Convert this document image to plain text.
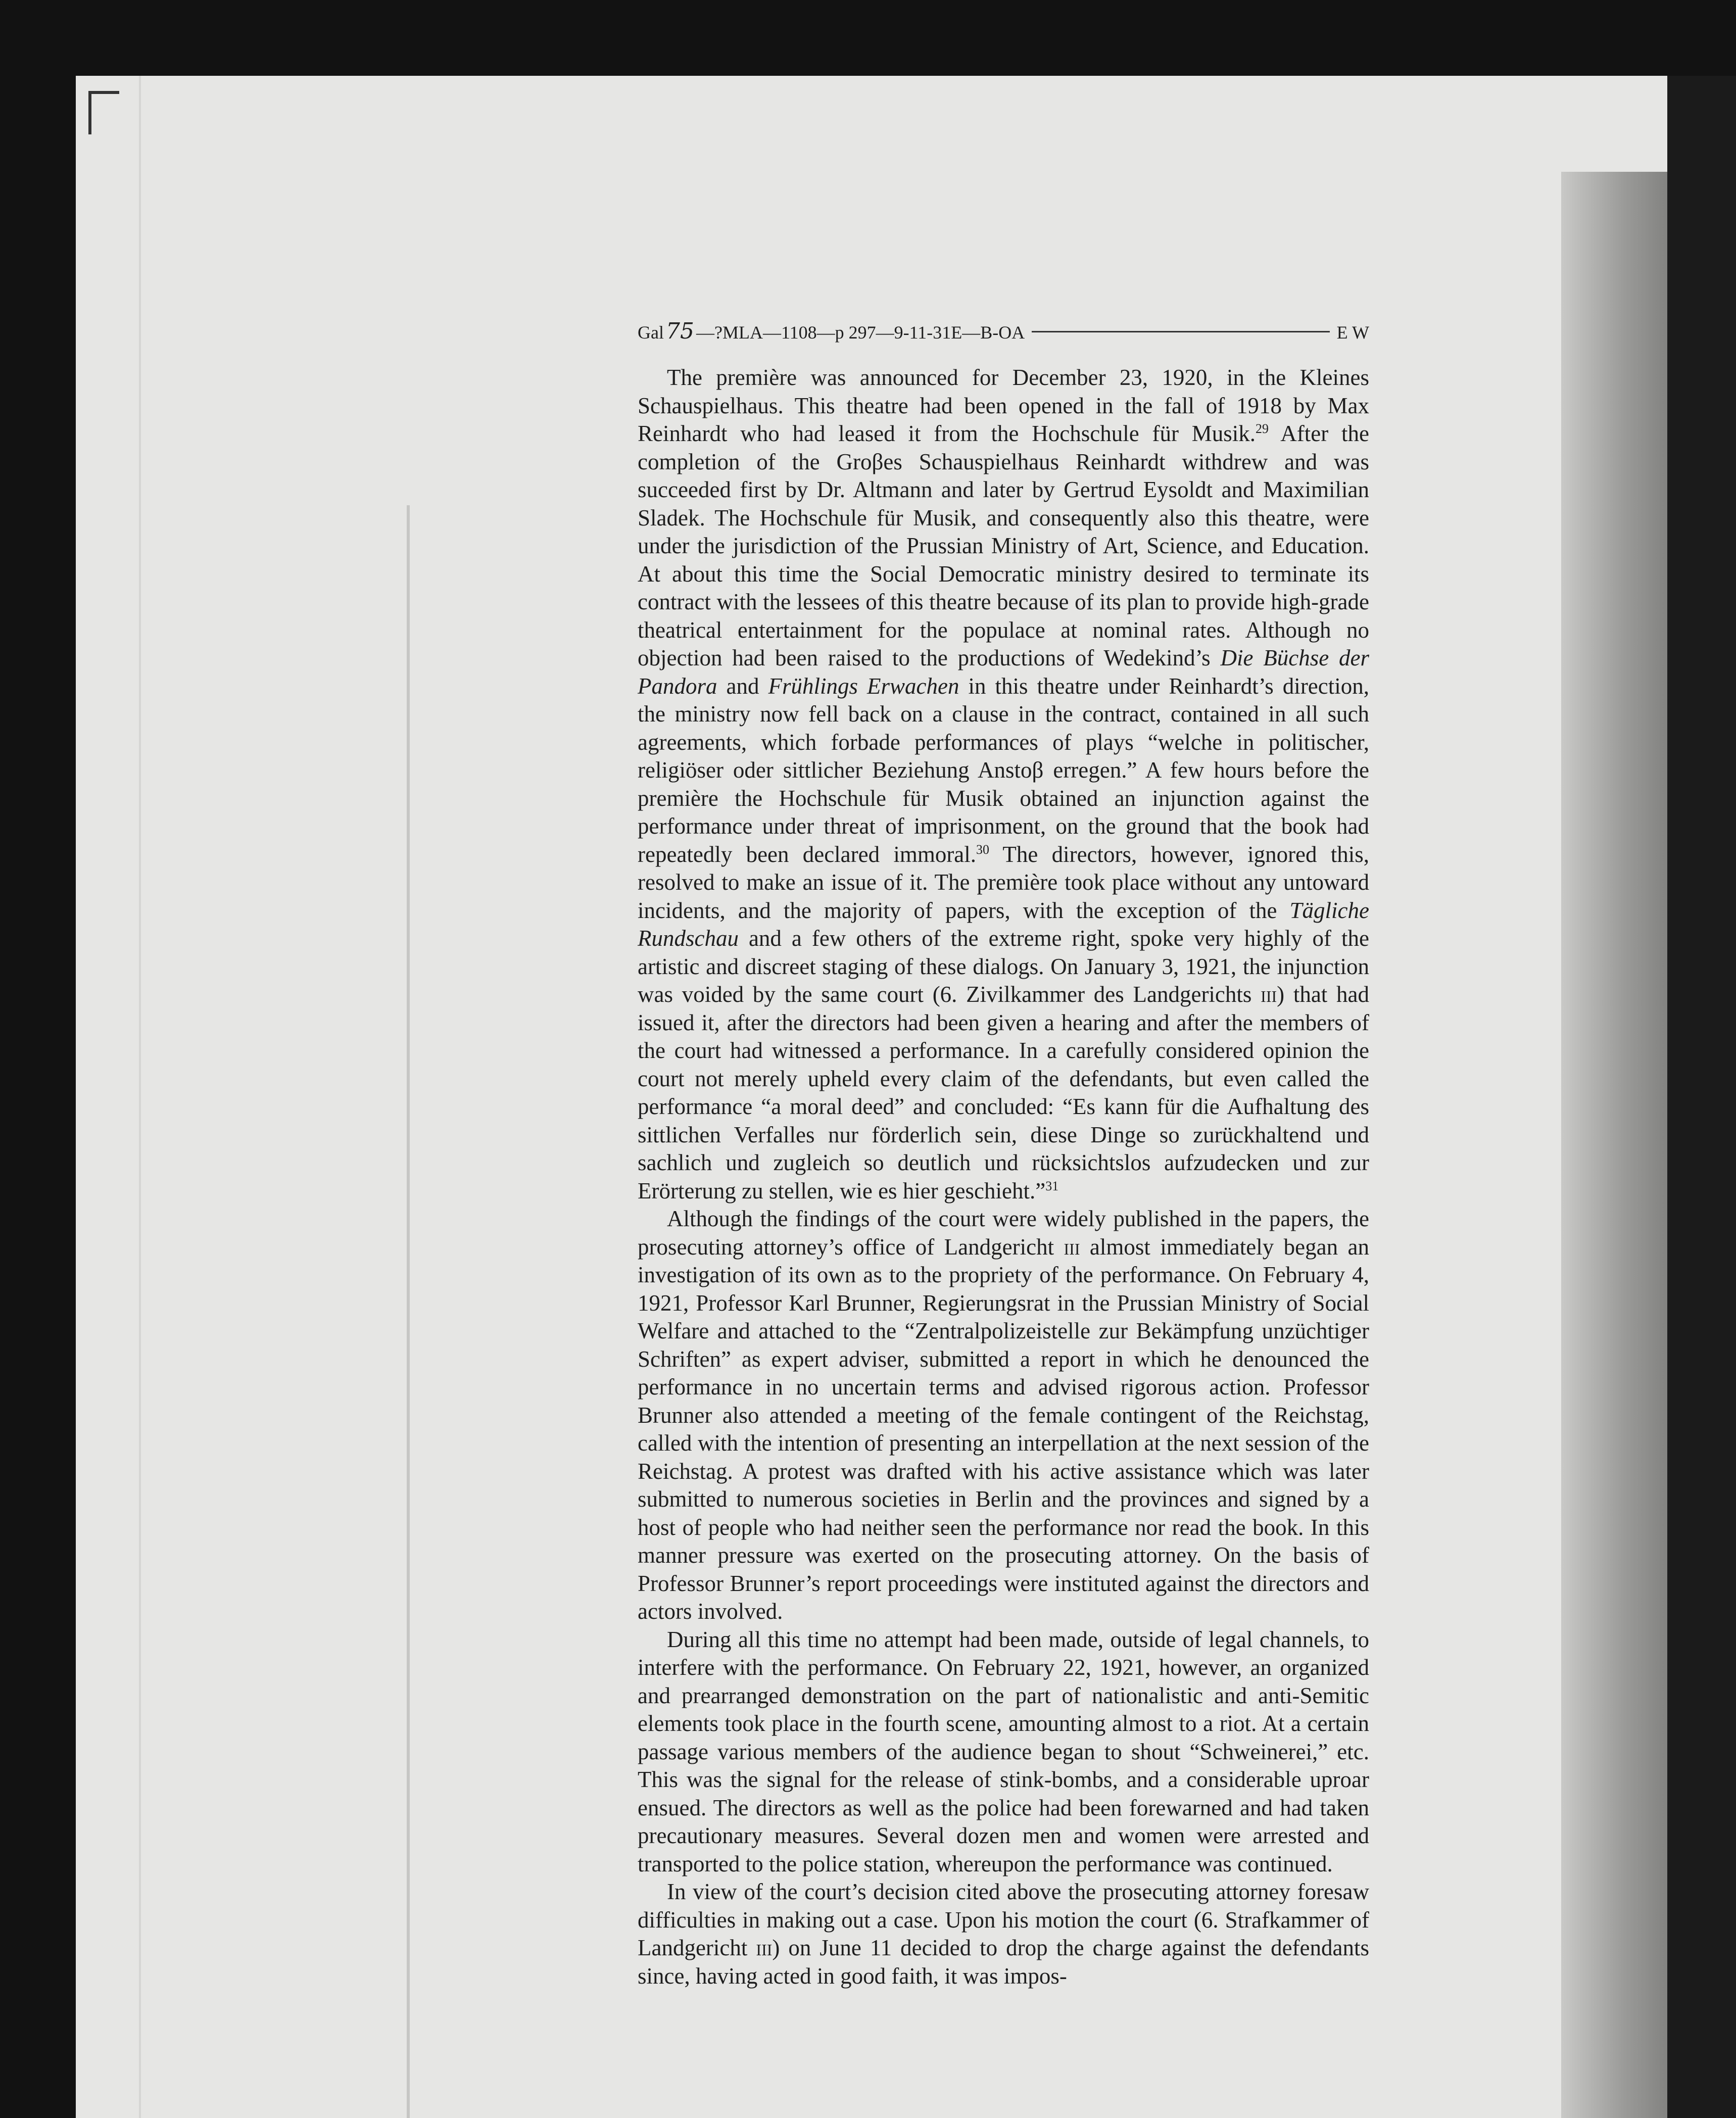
Gal 75 —?MLA—1108—p 297—9-11-31E—B-OA	E W

The première was announced for December 23, 1920, in the Kleines Schauspielhaus. This theatre had been opened in the fall of 1918 by Max Reinhardt who had leased it from the Hochschule für Musik.$^{29}$ After the completion of the Groβes Schauspielhaus Reinhardt withdrew and was succeeded first by Dr. Altmann and later by Gertrud Eysoldt and Maximilian Sladek. The Hochschule für Musik, and consequently also this theatre, were under the jurisdiction of the Prussian Ministry of Art, Science, and Education. At about this time the Social Democratic ministry desired to terminate its contract with the lessees of this theatre because of its plan to provide high-grade theatrical entertainment for the populace at nominal rates. Although no objection had been raised to the productions of Wedekind’s Die Büchse der Pandora and Frühlings Erwachen in this theatre under Reinhardt’s direction, the ministry now fell back on a clause in the contract, contained in all such agreements, which forbade performances of plays “welche in politischer, religiöser oder sittlicher Beziehung Anstoβ erregen.” A few hours before the première the Hochschule für Musik obtained an injunction against the performance under threat of imprisonment, on the ground that the book had repeatedly been declared immoral.$^{30}$ The directors, however, ignored this, resolved to make an issue of it. The première took place without any untoward incidents, and the majority of papers, with the exception of the Tägliche Rundschau and a few others of the extreme right, spoke very highly of the artistic and discreet staging of these dialogs. On January 3, 1921, the injunction was voided by the same court (6. Zivilkammer des Landgerichts iii) that had issued it, after the directors had been given a hearing and after the members of the court had witnessed a performance. In a carefully considered opinion the court not merely upheld every claim of the defendants, but even called the performance “a moral deed” and concluded: “Es kann für die Aufhaltung des sittlichen Verfalles nur förderlich sein, diese Dinge so zurückhaltend und sachlich und zugleich so deutlich und rücksichtslos aufzudecken und zur Erörterung zu stellen, wie es hier geschieht.”$^{31}$

Although the findings of the court were widely published in the papers, the prosecuting attorney’s office of Landgericht iii almost immediately began an investigation of its own as to the propriety of the performance. On February 4, 1921, Professor Karl Brunner, Regierungsrat in the Prussian Ministry of Social Welfare and attached to the “Zentralpolizeistelle zur Bekämpfung unzüchtiger Schriften” as expert adviser, submitted a report in which he denounced the performance in no uncertain terms and advised rigorous action. Professor Brunner also attended a meeting of the female contingent of the Reichstag, called with the intention of presenting an interpellation at the next session of the Reichstag. A protest was drafted with his active assistance which was later submitted to numerous societies in Berlin and the provinces and signed by a host of people who had neither seen the performance nor read the book. In this manner pressure was exerted on the prosecuting attorney. On the basis of Professor Brunner’s report proceedings were instituted against the directors and actors involved.

During all this time no attempt had been made, outside of legal channels, to interfere with the performance. On February 22, 1921, however, an organized and prearranged demonstration on the part of nationalistic and anti-Semitic elements took place in the fourth scene, amounting almost to a riot. At a certain passage various members of the audience began to shout “Schweinerei,” etc. This was the signal for the release of stink-bombs, and a considerable uproar ensued. The directors as well as the police had been forewarned and had taken precautionary measures. Several dozen men and women were arrested and transported to the police station, whereupon the performance was continued.

In view of the court’s decision cited above the prosecuting attorney foresaw difficulties in making out a case. Upon his motion the court (6. Strafkammer of Landgericht iii) on June 11 decided to drop the charge against the defendants since, having acted in good faith, it was impos-
